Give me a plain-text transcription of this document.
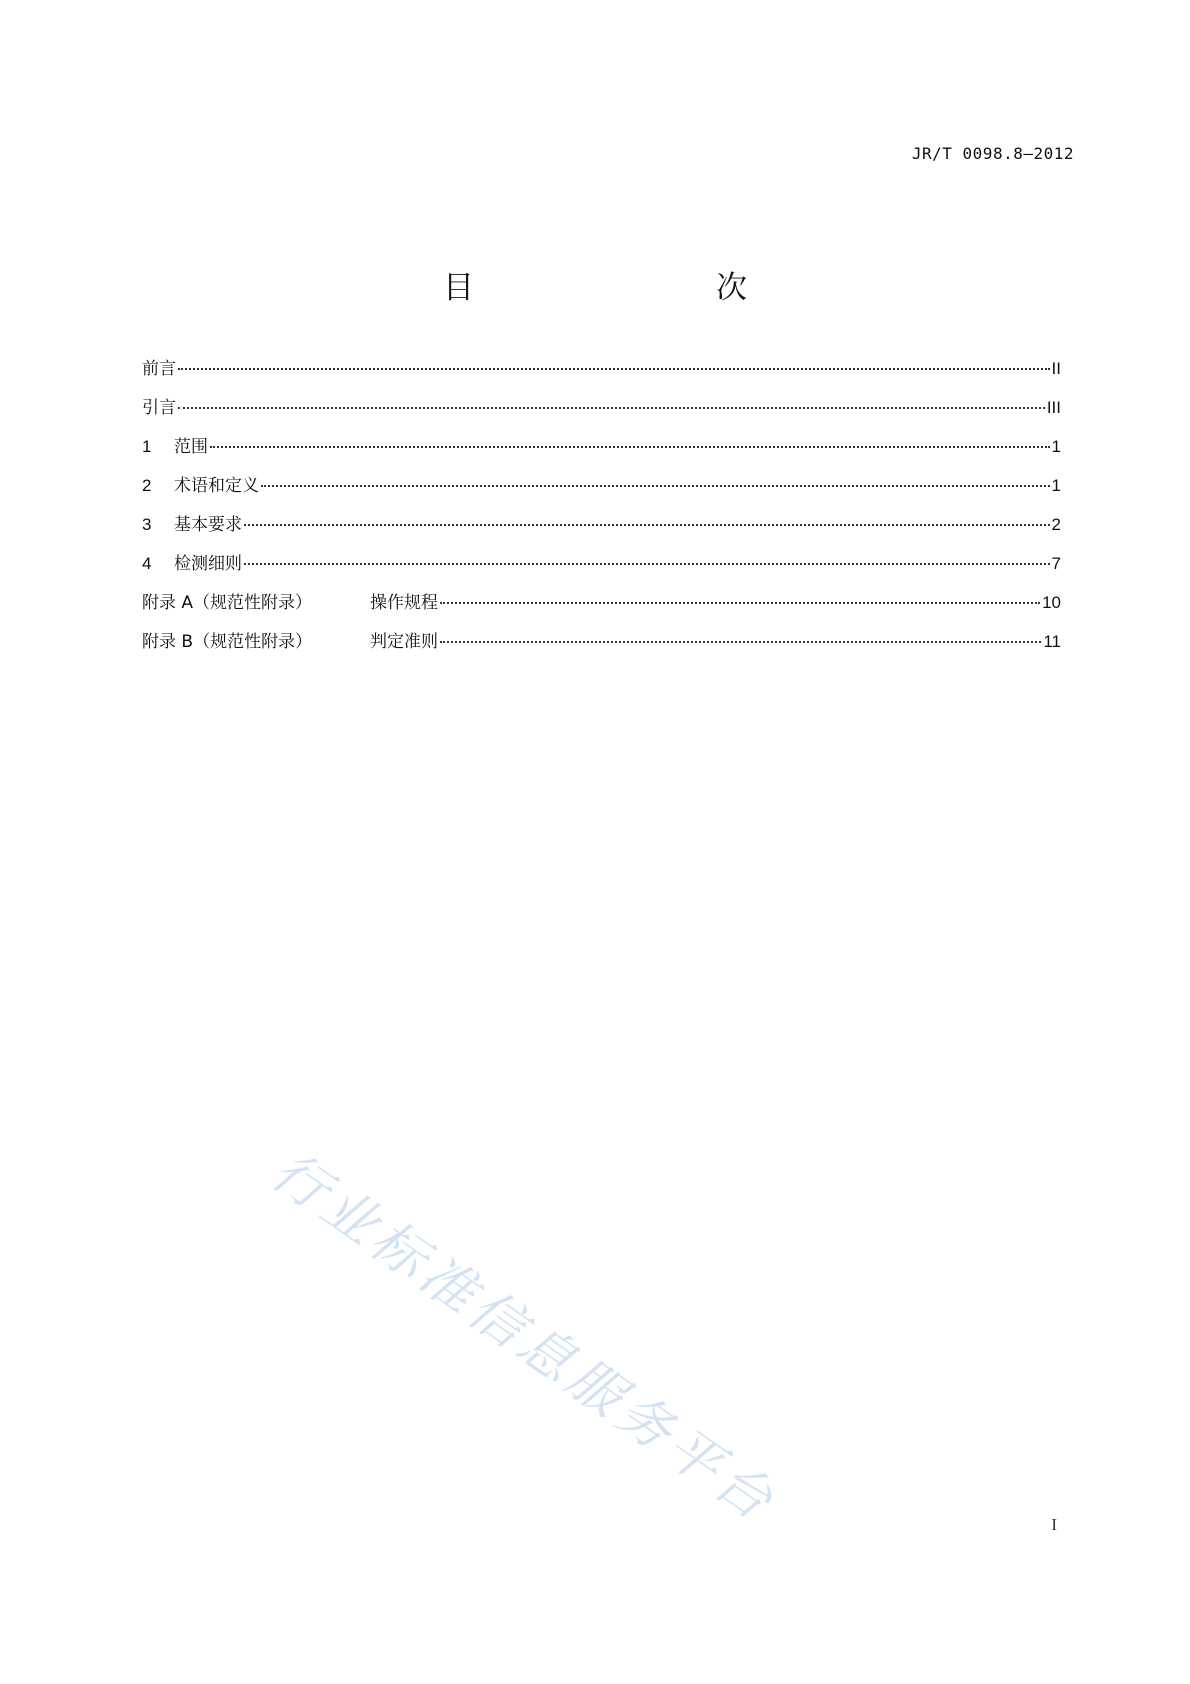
JR/T 0098.8—2012
目　　次
前言	II
引言	III
1	范围	1
2	术语和定义	1
3	基本要求	2
4	检测细则	7
附录 A（规范性附录）	操作规程	10
附录 B（规范性附录）	判定准则	11
行业标准信息服务平台	I
